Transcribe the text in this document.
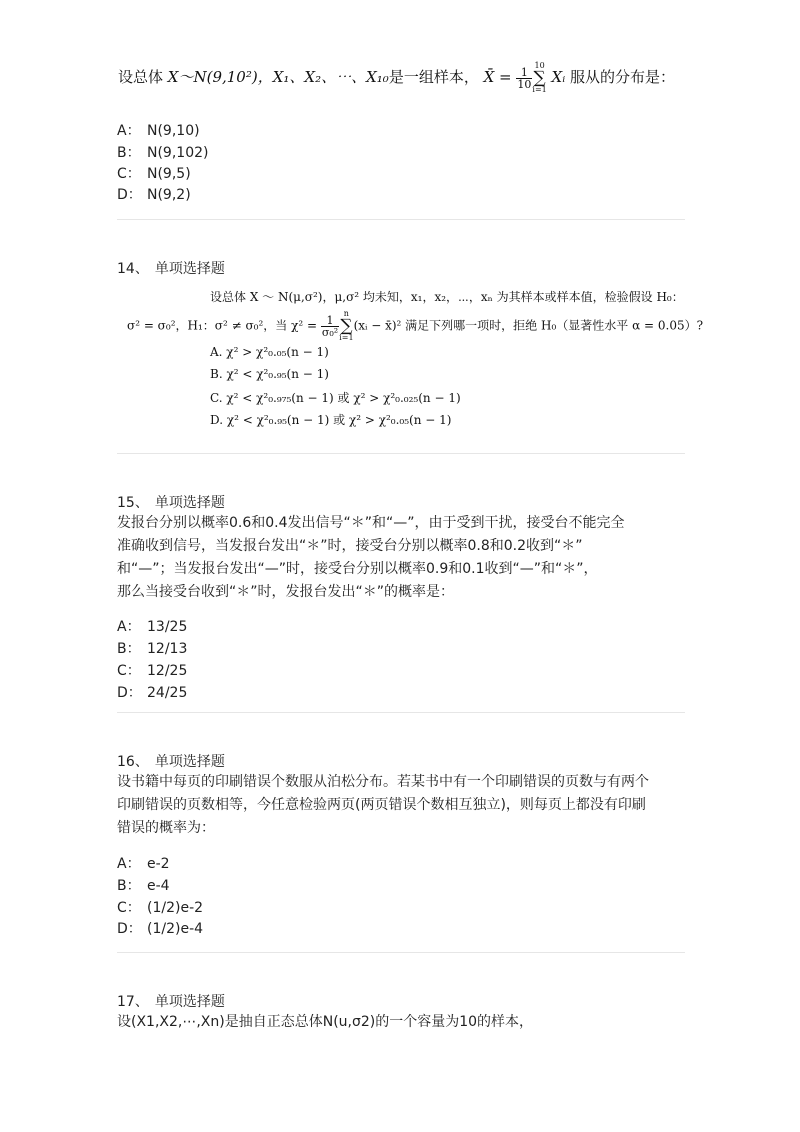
设总体 X～N(9,10²)，X₁、X₂、⋯、X₁₀是一组样本， X̄ = $\frac{1}{10}$
10
∑
i=1 Xᵢ 服从的分布是：
A： N(9,10)
B： N(9,102)
C： N(9,5)
D： N(9,2)
14、 单项选择题
设总体 X ～ N(μ,σ²)，μ,σ² 均未知，x₁，x₂，⋯，xₙ 为其样本或样本值，检验假设 H₀：
σ² = σ₀²，H₁：σ² ≠ σ₀²，当 $\chi^2 = \frac{1}{\text{σ₀²}}$
n
∑
i=1(xᵢ − x̄)² 满足下列哪一项时，拒绝 H₀（显著性水平 α = 0.05）?
A. χ² > χ²₀.₀₅(n − 1)
B. χ² < χ²₀.₉₅(n − 1)
C. χ² < χ²₀.₉₇₅(n − 1) 或 χ² > χ²₀.₀₂₅(n − 1)
D. χ² < χ²₀.₉₅(n − 1) 或 χ² > χ²₀.₀₅(n − 1)
15、 单项选择题
发报台分别以概率0.6和0.4发出信号“＊”和“—”，由于受到干扰，接受台不能完全
准确收到信号，当发报台发出“＊”时，接受台分别以概率0.8和0.2收到“＊”
和“—”；当发报台发出“—”时，接受台分别以概率0.9和0.1收到“—”和“＊”，
那么当接受台收到“＊”时，发报台发出“＊”的概率是：
A： 13/25
B： 12/13
C： 12/25
D： 24/25
16、 单项选择题
设书籍中每页的印刷错误个数服从泊松分布。若某书中有一个印刷错误的页数与有两个
印刷错误的页数相等，今任意检验两页(两页错误个数相互独立)，则每页上都没有印刷
错误的概率为：
A： e-2
B： e-4
C： (1/2)e-2
D： (1/2)e-4
17、 单项选择题
设(X1,X2,⋯,Xn)是抽自正态总体N(u,σ2)的一个容量为10的样本，
